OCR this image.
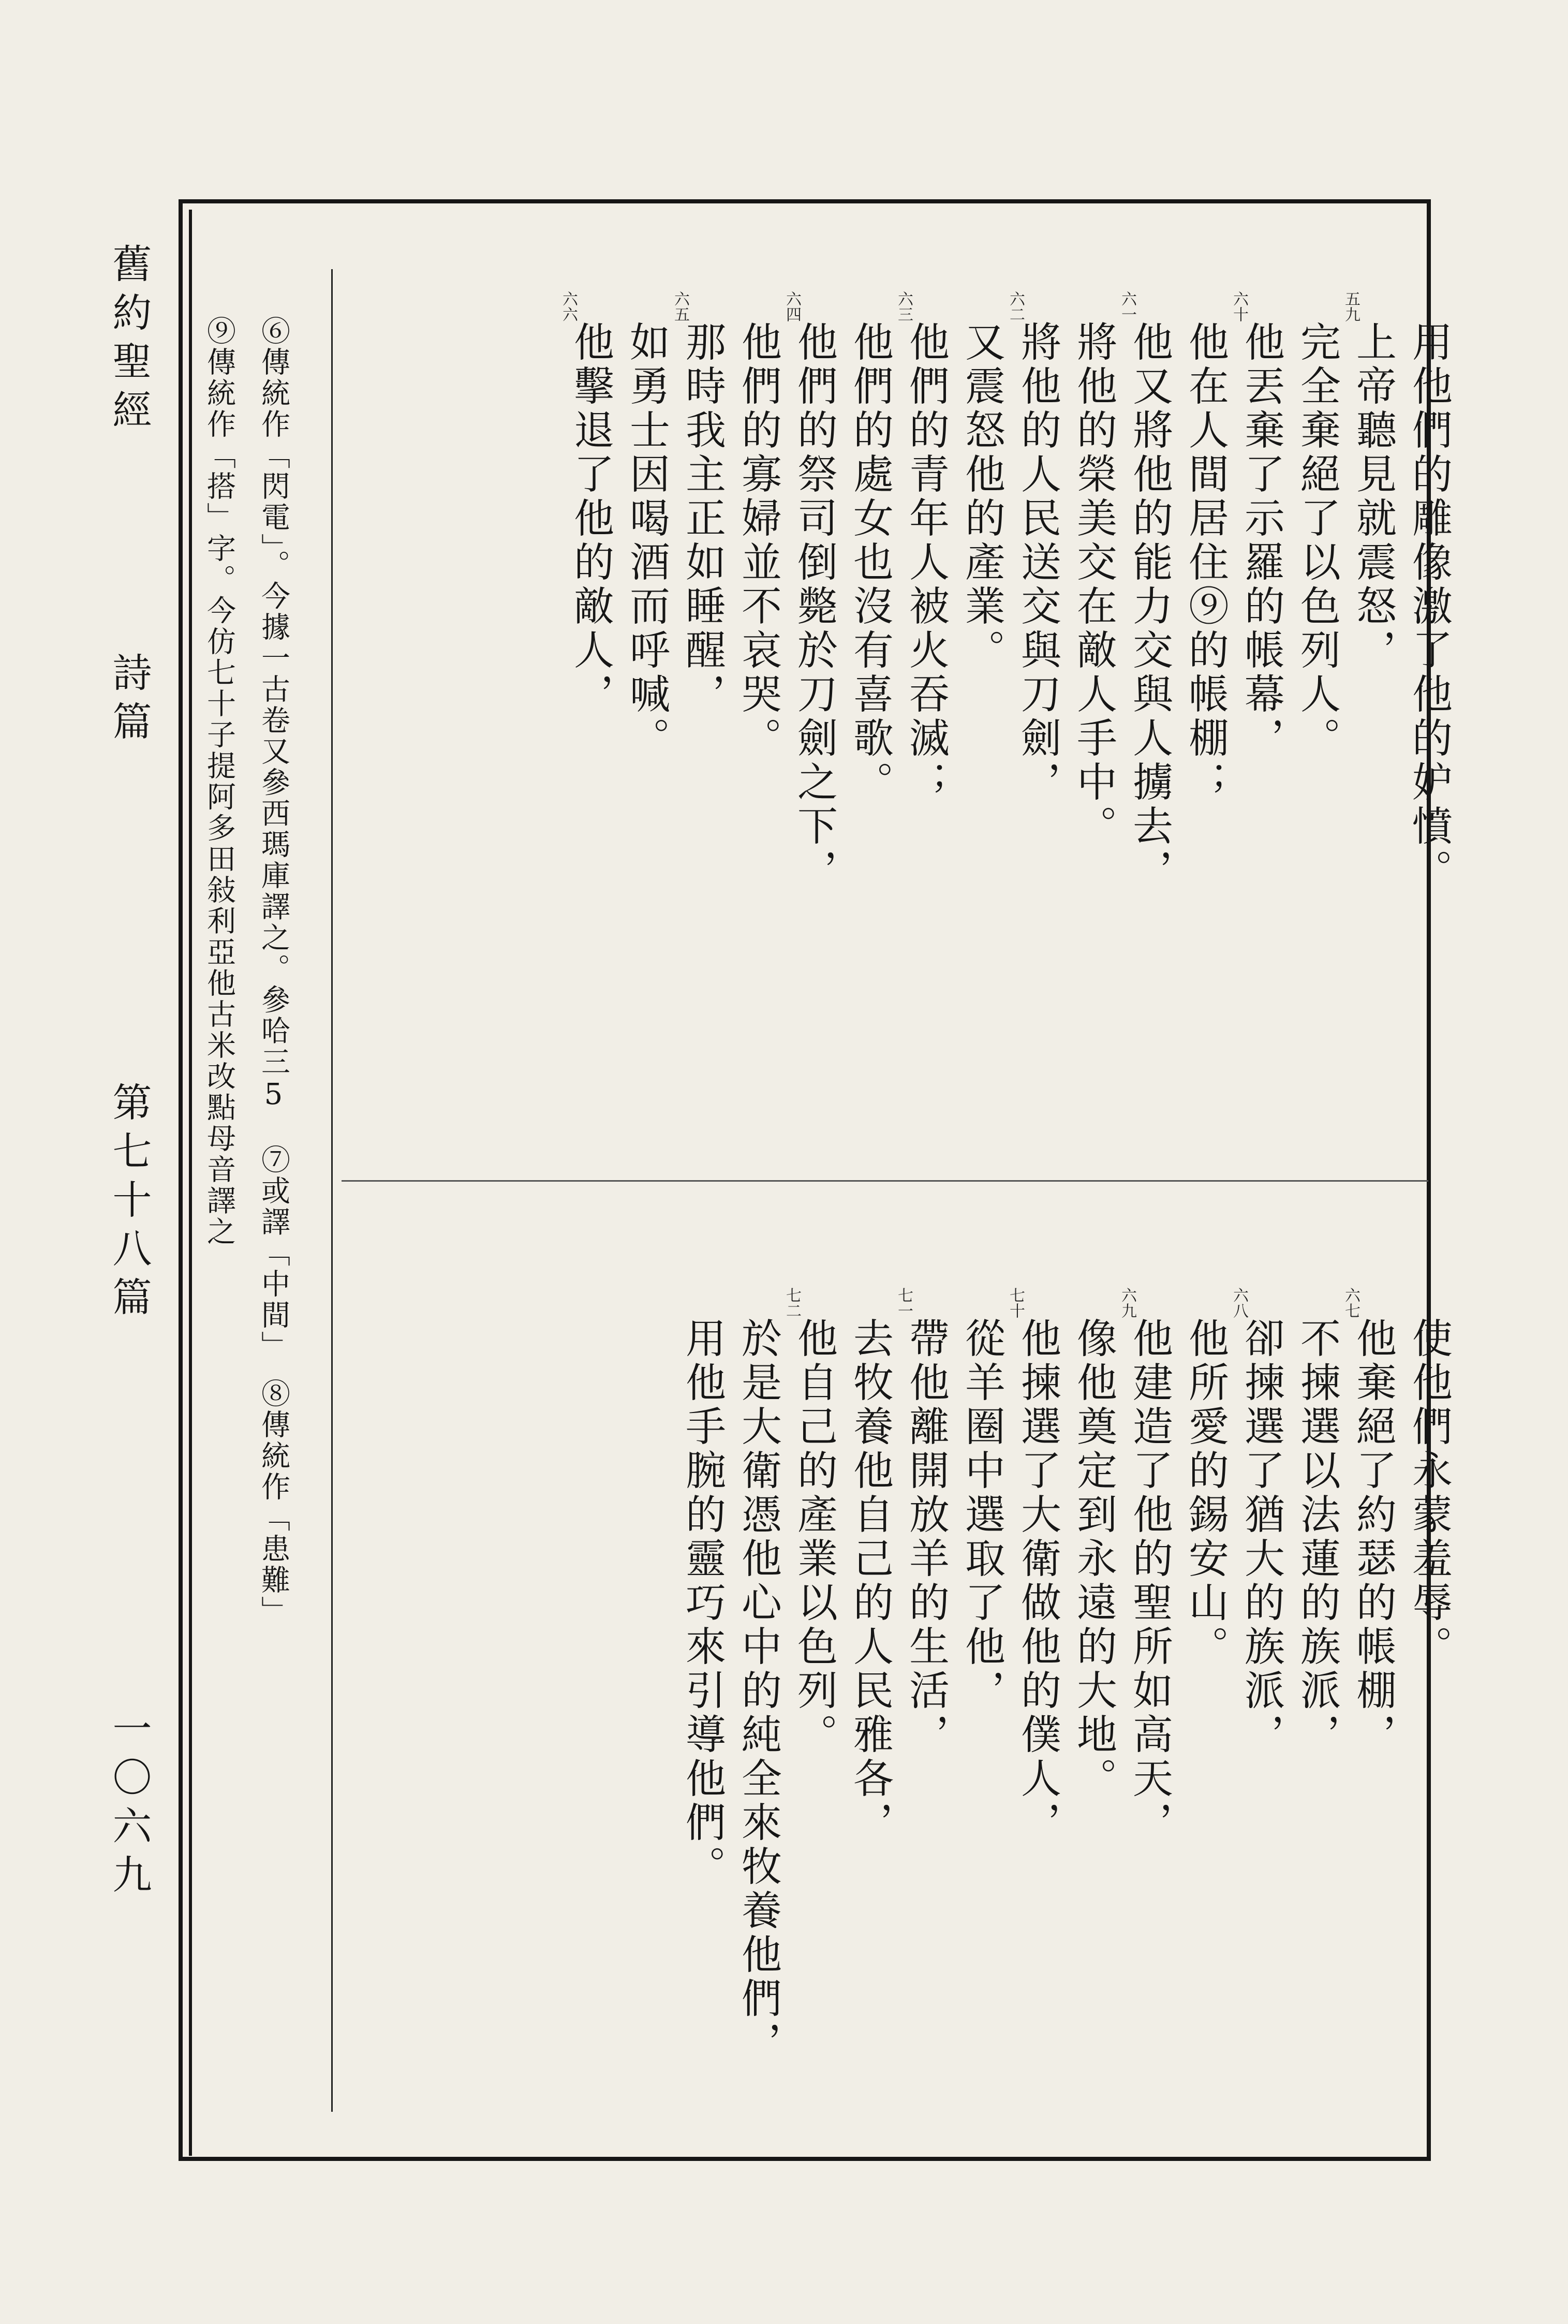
舊約聖經
詩篇
第七十八篇
一〇六九
⑥傳統作「閃電」。今據一古卷又參西瑪庫譯之。參哈三5　⑦或譯「中間」　⑧傳統作「患難」
⑨傳統作「搭」字。今仿七十子提阿多田敍利亞他古米改點母音譯之	用他們的雕像激了他的妒憤。
上帝聽見就震怒，
五九
完全棄絕了以色列人。
他丟棄了示羅的帳幕，
六十
他在人間居住⑨的帳棚；
他又將他的能力交與人擄去，
六一
將他的榮美交在敵人手中。
將他的人民送交與刀劍，
六二
又震怒他的產業。
他們的青年人被火吞滅；
六三
他們的處女也沒有喜歌。
他們的祭司倒斃於刀劍之下，
六四
他們的寡婦並不哀哭。
那時我主正如睡醒，
六五
如勇士因喝酒而呼喊。
他擊退了他的敵人，
六六
使他們永蒙羞辱。
他棄絕了約瑟的帳棚，
六七
不揀選以法蓮的族派，
卻揀選了猶大的族派，
六八
他所愛的錫安山。
他建造了他的聖所如高天，
六九
像他奠定到永遠的大地。
他揀選了大衛做他的僕人，
七十
從羊圈中選取了他，
帶他離開放羊的生活，
七一
去牧養他自己的人民雅各，
他自己的產業以色列。
七二
於是大衛憑他心中的純全來牧養他們，
用他手腕的靈巧來引導他們。
